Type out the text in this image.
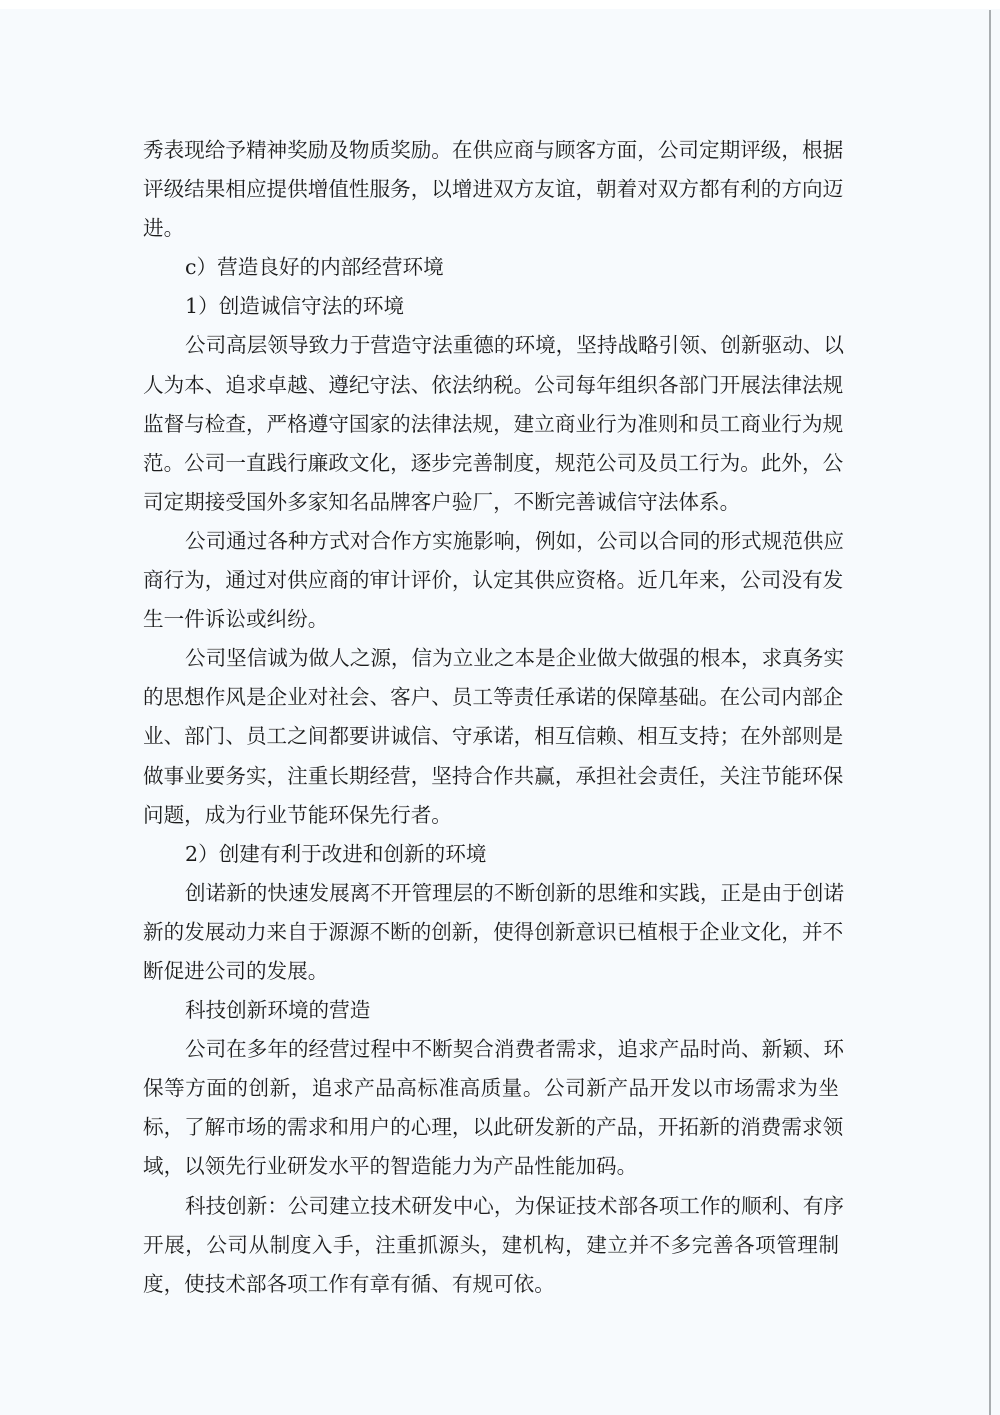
秀表现给予精神奖励及物质奖励。在供应商与顾客方面，公司定期评级，根据
评级结果相应提供增值性服务，以增进双方友谊，朝着对双方都有利的方向迈
进。
c）营造良好的内部经营环境
1）创造诚信守法的环境
公司高层领导致力于营造守法重德的环境，坚持战略引领、创新驱动、以
人为本、追求卓越、遵纪守法、依法纳税。公司每年组织各部门开展法律法规
监督与检查，严格遵守国家的法律法规，建立商业行为准则和员工商业行为规
范。公司一直践行廉政文化，逐步完善制度，规范公司及员工行为。此外，公
司定期接受国外多家知名品牌客户验厂，不断完善诚信守法体系。
公司通过各种方式对合作方实施影响，例如，公司以合同的形式规范供应
商行为，通过对供应商的审计评价，认定其供应资格。近几年来，公司没有发
生一件诉讼或纠纷。
公司坚信诚为做人之源，信为立业之本是企业做大做强的根本，求真务实
的思想作风是企业对社会、客户、员工等责任承诺的保障基础。在公司内部企
业、部门、员工之间都要讲诚信、守承诺，相互信赖、相互支持；在外部则是
做事业要务实，注重长期经营，坚持合作共赢，承担社会责任，关注节能环保
问题，成为行业节能环保先行者。
2）创建有利于改进和创新的环境
创诺新的快速发展离不开管理层的不断创新的思维和实践，正是由于创诺
新的发展动力来自于源源不断的创新，使得创新意识已植根于企业文化，并不
断促进公司的发展。
科技创新环境的营造
公司在多年的经营过程中不断契合消费者需求，追求产品时尚、新颖、环
保等方面的创新，追求产品高标准高质量。公司新产品开发以市场需求为坐
标，了解市场的需求和用户的心理，以此研发新的产品，开拓新的消费需求领
域，以领先行业研发水平的智造能力为产品性能加码。
科技创新：公司建立技术研发中心，为保证技术部各项工作的顺利、有序
开展，公司从制度入手，注重抓源头，建机构，建立并不多完善各项管理制
度，使技术部各项工作有章有循、有规可依。
